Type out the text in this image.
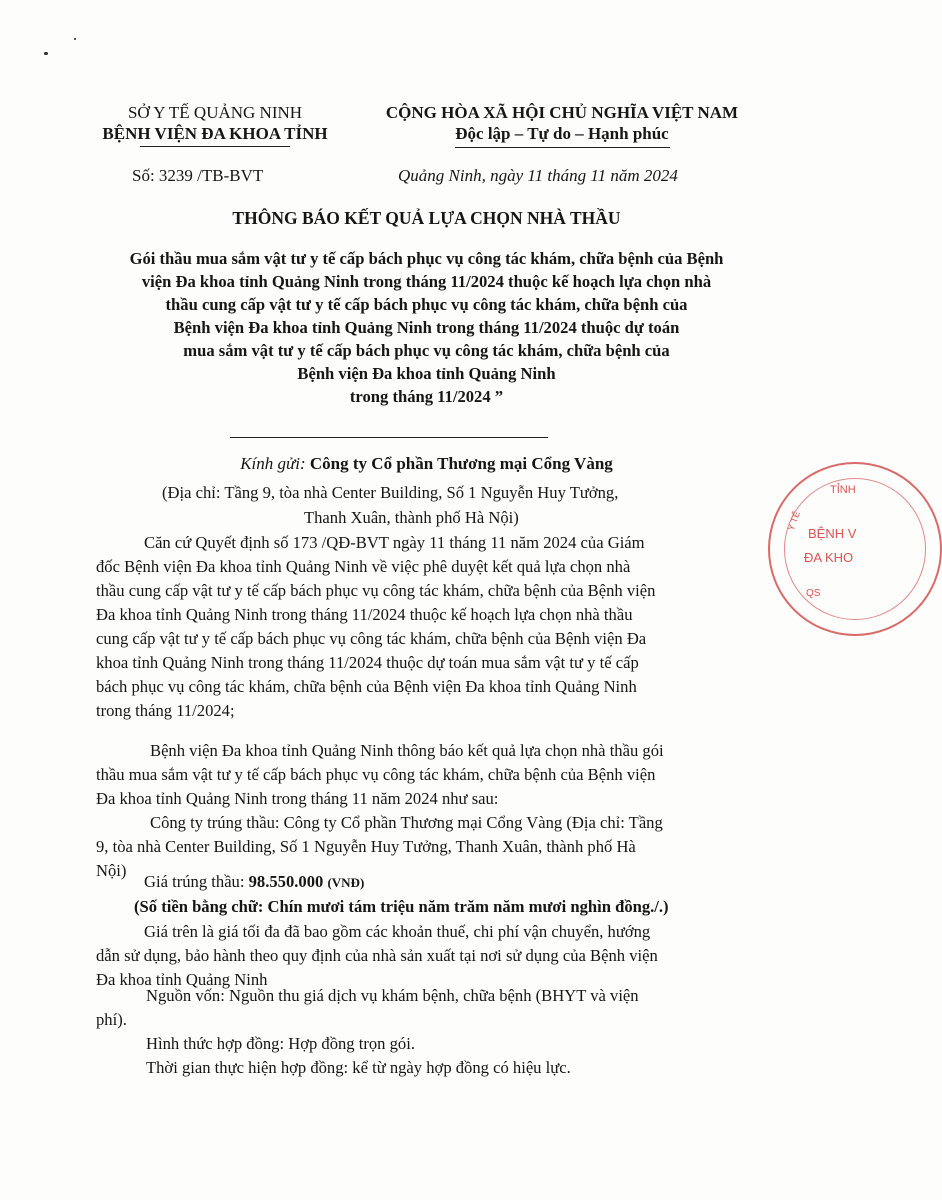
SỞ Y TẾ QUẢNG NINH
BỆNH VIỆN ĐA KHOA TỈNH
CỘNG HÒA XÃ HỘI CHỦ NGHĨA VIỆT NAM
Độc lập – Tự do – Hạnh phúc
Số: 3239 /TB-BVT	Quảng Ninh, ngày 11 tháng 11 năm 2024
THÔNG BÁO KẾT QUẢ LỰA CHỌN NHÀ THẦU
Gói thầu mua sắm vật tư y tế cấp bách phục vụ công tác khám, chữa bệnh của Bệnh
viện Đa khoa tỉnh Quảng Ninh trong tháng 11/2024 thuộc kế hoạch lựa chọn nhà
thầu cung cấp vật tư y tế cấp bách phục vụ công tác khám, chữa bệnh của
Bệnh viện Đa khoa tỉnh Quảng Ninh trong tháng 11/2024 thuộc dự toán
mua sắm vật tư y tế cấp bách phục vụ công tác khám, chữa bệnh của
Bệnh viện Đa khoa tỉnh Quảng Ninh
trong tháng 11/2024 ”
Kính gửi: Công ty Cổ phần Thương mại Cổng Vàng
(Địa chỉ: Tầng 9, tòa nhà Center Building, Số 1 Nguyễn Huy Tưởng,
Thanh Xuân, thành phố Hà Nội)
Căn cứ Quyết định số 173 /QĐ-BVT ngày 11 tháng 11 năm 2024 của Giám
đốc Bệnh viện Đa khoa tỉnh Quảng Ninh về việc phê duyệt kết quả lựa chọn nhà
thầu cung cấp vật tư y tế cấp bách phục vụ công tác khám, chữa bệnh của Bệnh viện
Đa khoa tỉnh Quảng Ninh trong tháng 11/2024 thuộc kế hoạch lựa chọn nhà thầu
cung cấp vật tư y tế cấp bách phục vụ công tác khám, chữa bệnh của Bệnh viện Đa
khoa tỉnh Quảng Ninh trong tháng 11/2024 thuộc dự toán mua sắm vật tư y tế cấp
bách phục vụ công tác khám, chữa bệnh của Bệnh viện Đa khoa tỉnh Quảng Ninh
trong tháng 11/2024;
Bệnh viện Đa khoa tỉnh Quảng Ninh thông báo kết quả lựa chọn nhà thầu gói
thầu mua sắm vật tư y tế cấp bách phục vụ công tác khám, chữa bệnh của Bệnh viện
Đa khoa tỉnh Quảng Ninh trong tháng 11 năm 2024 như sau:
Công ty trúng thầu: Công ty Cổ phần Thương mại Cổng Vàng (Địa chỉ: Tầng
9, tòa nhà Center Building, Số 1 Nguyễn Huy Tưởng, Thanh Xuân, thành phố Hà
Nội)
Giá trúng thầu: 98.550.000 (VNĐ)
(Số tiền bằng chữ: Chín mươi tám triệu năm trăm năm mươi nghìn đồng./.)
Giá trên là giá tối đa đã bao gồm các khoản thuế, chi phí vận chuyển, hướng
dẫn sử dụng, bảo hành theo quy định của nhà sản xuất tại nơi sử dụng của Bệnh viện
Đa khoa tỉnh Quảng Ninh
Nguồn vốn: Nguồn thu giá dịch vụ khám bệnh, chữa bệnh (BHYT và viện
phí).
Hình thức hợp đồng: Hợp đồng trọn gói.
Thời gian thực hiện hợp đồng: kể từ ngày hợp đồng có hiệu lực.
TỈNH
BỆNH V
ĐA KHO
Y TẾ
QS
